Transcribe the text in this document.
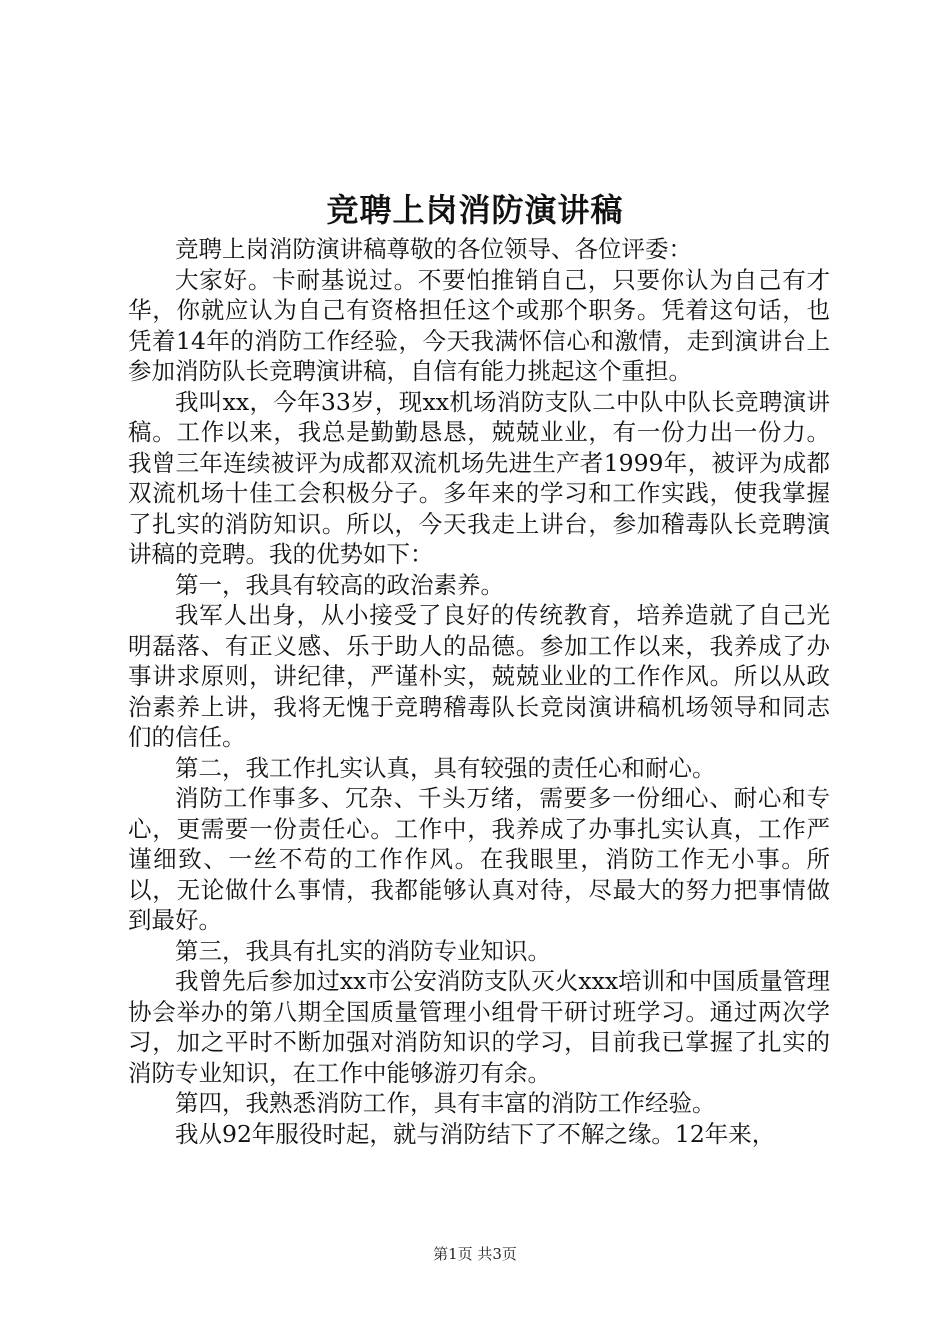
竞聘上岗消防演讲稿

竞聘上岗消防演讲稿尊敬的各位领导、各位评委：

大家好。卡耐基说过。不要怕推销自己，只要你认为自己有才华，你就应认为自己有资格担任这个或那个职务。凭着这句话，也凭着14年的消防工作经验，今天我满怀信心和激情，走到演讲台上参加消防队长竞聘演讲稿，自信有能力挑起这个重担。

我叫xx，今年33岁，现xx机场消防支队二中队中队长竞聘演讲稿。工作以来，我总是勤勤恳恳，兢兢业业，有一份力出一份力。我曾三年连续被评为成都双流机场先进生产者1999年，被评为成都双流机场十佳工会积极分子。多年来的学习和工作实践，使我掌握了扎实的消防知识。所以，今天我走上讲台，参加稽毒队长竞聘演讲稿的竞聘。我的优势如下：

第一，我具有较高的政治素养。

我军人出身，从小接受了良好的传统教育，培养造就了自己光明磊落、有正义感、乐于助人的品德。参加工作以来，我养成了办事讲求原则，讲纪律，严谨朴实，兢兢业业的工作作风。所以从政治素养上讲，我将无愧于竞聘稽毒队长竞岗演讲稿机场领导和同志们的信任。

第二，我工作扎实认真，具有较强的责任心和耐心。

消防工作事多、冗杂、千头万绪，需要多一份细心、耐心和专心，更需要一份责任心。工作中，我养成了办事扎实认真，工作严谨细致、一丝不苟的工作作风。在我眼里，消防工作无小事。所以，无论做什么事情，我都能够认真对待，尽最大的努力把事情做到最好。

第三，我具有扎实的消防专业知识。

我曾先后参加过xx市公安消防支队灭火xxx培训和中国质量管理协会举办的第八期全国质量管理小组骨干研讨班学习。通过两次学习，加之平时不断加强对消防知识的学习，目前我已掌握了扎实的消防专业知识，在工作中能够游刃有余。

第四，我熟悉消防工作，具有丰富的消防工作经验。

我从92年服役时起，就与消防结下了不解之缘。12年来，

第1页 共3页
